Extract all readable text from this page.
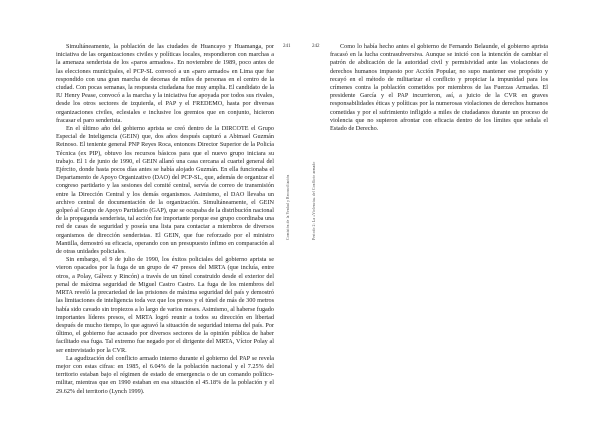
Simultáneamente, la población de las ciudades de Huancayo y Huamanga, por iniciativa de las organizaciones civiles y políticas locales, respondieron con marchas a la amenaza senderista de los «paros armados». En noviembre de 1989, poco antes de las elecciones municipales, el PCP-SL convocó a un «paro armado» en Lima que fue respondido con una gran marcha de decenas de miles de personas en el centro de la ciudad. Con pocas semanas, la respuesta ciudadana fue muy amplia. El candidato de la IU Henry Pease, convocó a la marcha y la iniciativa fue apoyada por todos sus rivales, desde los otros sectores de izquierda, el PAP y el FREDEMO, hasta por diversas organizaciones civiles, eclesiales e inclusive los gremios que en conjunto, hicieron fracasar el paro senderista.

En el último año del gobierno aprista se creó dentro de la DIRCOTE el Grupo Especial de Inteligencia (GEIN) que, dos años después capturó a Abimael Guzmán Reinoso. El teniente general PNP Reyes Roca, entonces Director Superior de la Policía Técnica (ex PIP), obtuvo los recursos básicos para que el nuevo grupo iniciara su trabajo. El 1 de junio de 1990, el GEIN allanó una casa cercana al cuartel general del Ejército, donde hasta pocos días antes se había alojado Guzmán. En ella funcionaba el Departamento de Apoyo Organizativo (DAO) del PCP-SL, que, además de organizar el congreso partidario y las sesiones del comité central, servía de correo de transmisión entre la Dirección Central y los demás organismos. Asimismo, el DAO llevaba un archivo central de documentación de la organización. Simultáneamente, el GEIN golpeó al Grupo de Apoyo Partidario (GAP), que se ocupaba de la distribución nacional de la propaganda senderista, tal acción fue importante porque ese grupo coordinaba una red de casas de seguridad y poseía una lista para contactar a miembros de diversos organismos de dirección senderistas. El GEIN, que fue reforzado por el ministro Mantilla, demostró su eficacia, operando con un presupuesto ínfimo en comparación al de otras unidades policiales.

Sin embargo, el 9 de julio de 1990, los éxitos policiales del gobierno aprista se vieron opacados por la fuga de un grupo de 47 presos del MRTA (que incluía, entre otros, a Polay, Gálvez y Rincón) a través de un túnel construido desde el exterior del penal de máxima seguridad de Miguel Castro Castro. La fuga de los miembros del MRTA reveló la precariedad de las prisiones de máxima seguridad del país y demostró las limitaciones de inteligencia toda vez que los presos y el túnel de más de 300 metros había sido cavado sin tropiezos a lo largo de varios meses. Asimismo, al haberse fugado importantes líderes presos, el MRTA logró reunir a todos su dirección en libertad después de mucho tiempo, lo que agravó la situación de seguridad interna del país. Por último, el gobierno fue acusado por diversos sectores de la opinión pública de haber facilitado esa fuga. Tal extremo fue negado por el dirigente del MRTA, Víctor Polay al ser entrevistado por la CVR.

La agudización del conflicto armado interno durante el gobierno del PAP se revela mejor con estas cifras: en 1985, el 6.04% de la población nacional y el 7.25% del territorio estaban bajo el régimen de estado de emergencia o de un comando político-militar, mientras que en 1990 estaban en esa situación el 45.18% de la población y el 29.62% del territorio (Lynch 1999).

241
Comisión de la Verdad y Reconciliación
242
Periodo 2: La «Violencia» del Conflicto armado

Como lo había hecho antes el gobierno de Fernando Belaunde, el gobierno aprista fracasó en la lucha contrasubversiva. Aunque se inició con la intención de cambiar el patrón de abdicación de la autoridad civil y permisividad ante las violaciones de derechos humanos impuesto por Acción Popular, no supo mantener ese propósito y recayó en el método de militarizar el conflicto y propiciar la impunidad para los crímenes contra la población cometidos por miembros de las Fuerzas Armadas. El presidente García y el PAP incurrieron, así, a juicio de la CVR en graves responsabilidades éticas y políticas por la numerosas violaciones de derechos humanos cometidas y por el sufrimiento infligido a miles de ciudadanos durante un proceso de violencia que no supieron afrontar con eficacia dentro de los límites que señala el Estado de Derecho.
